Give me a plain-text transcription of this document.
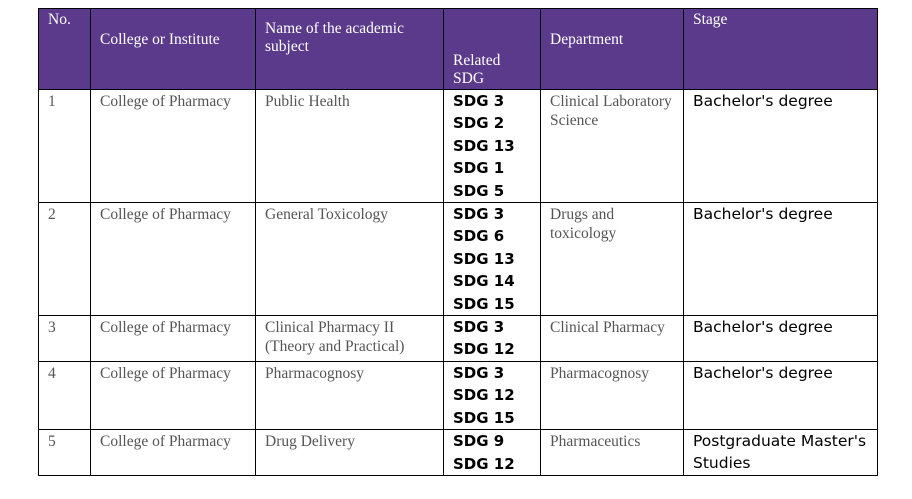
No.	College or Institute	Name of the academic subject	Related SDG	Department	Stage
1	College of Pharmacy	Public Health	SDG 3
SDG 2
SDG 13
SDG 1
SDG 5	Clinical Laboratory Science	Bachelor's degree
2	College of Pharmacy	General Toxicology	SDG 3
SDG 6
SDG 13
SDG 14
SDG 15	Drugs and toxicology	Bachelor's degree
3	College of Pharmacy	Clinical Pharmacy II (Theory and Practical)	SDG 3
SDG 12	Clinical Pharmacy	Bachelor's degree
4	College of Pharmacy	Pharmacognosy	SDG 3
SDG 12
SDG 15	Pharmacognosy	Bachelor's degree
5	College of Pharmacy	Drug Delivery	SDG 9
SDG 12	Pharmaceutics	Postgraduate Master's Studies
